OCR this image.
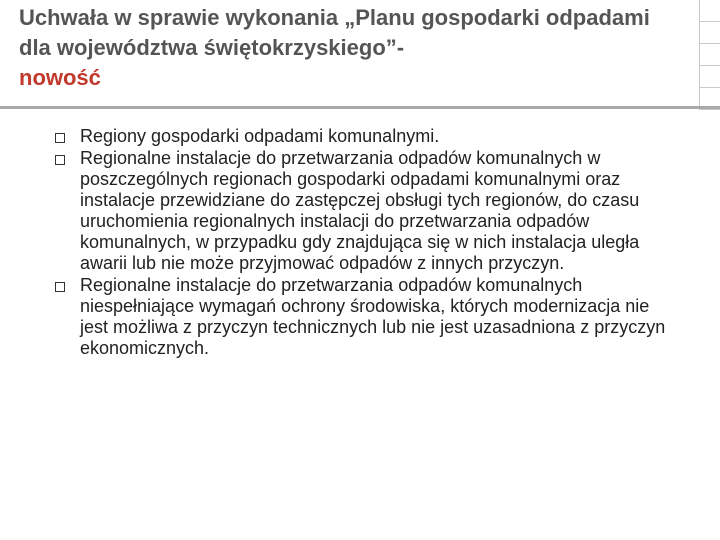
Uchwała w sprawie wykonania „Planu gospodarki odpadami dla województwa świętokrzyskiego”-
nowość
Regiony gospodarki odpadami komunalnymi.
Regionalne instalacje do przetwarzania odpadów komunalnych w poszczególnych regionach gospodarki odpadami komunalnymi oraz instalacje przewidziane do zastępczej obsługi tych regionów, do czasu uruchomienia regionalnych instalacji do przetwarzania odpadów komunalnych, w przypadku gdy znajdująca się w nich instalacja uległa awarii lub nie może przyjmować odpadów z innych przyczyn.
Regionalne instalacje do przetwarzania odpadów komunalnych niespełniające wymagań ochrony środowiska, których modernizacja nie jest możliwa z przyczyn technicznych lub nie jest uzasadniona z przyczyn ekonomicznych.
